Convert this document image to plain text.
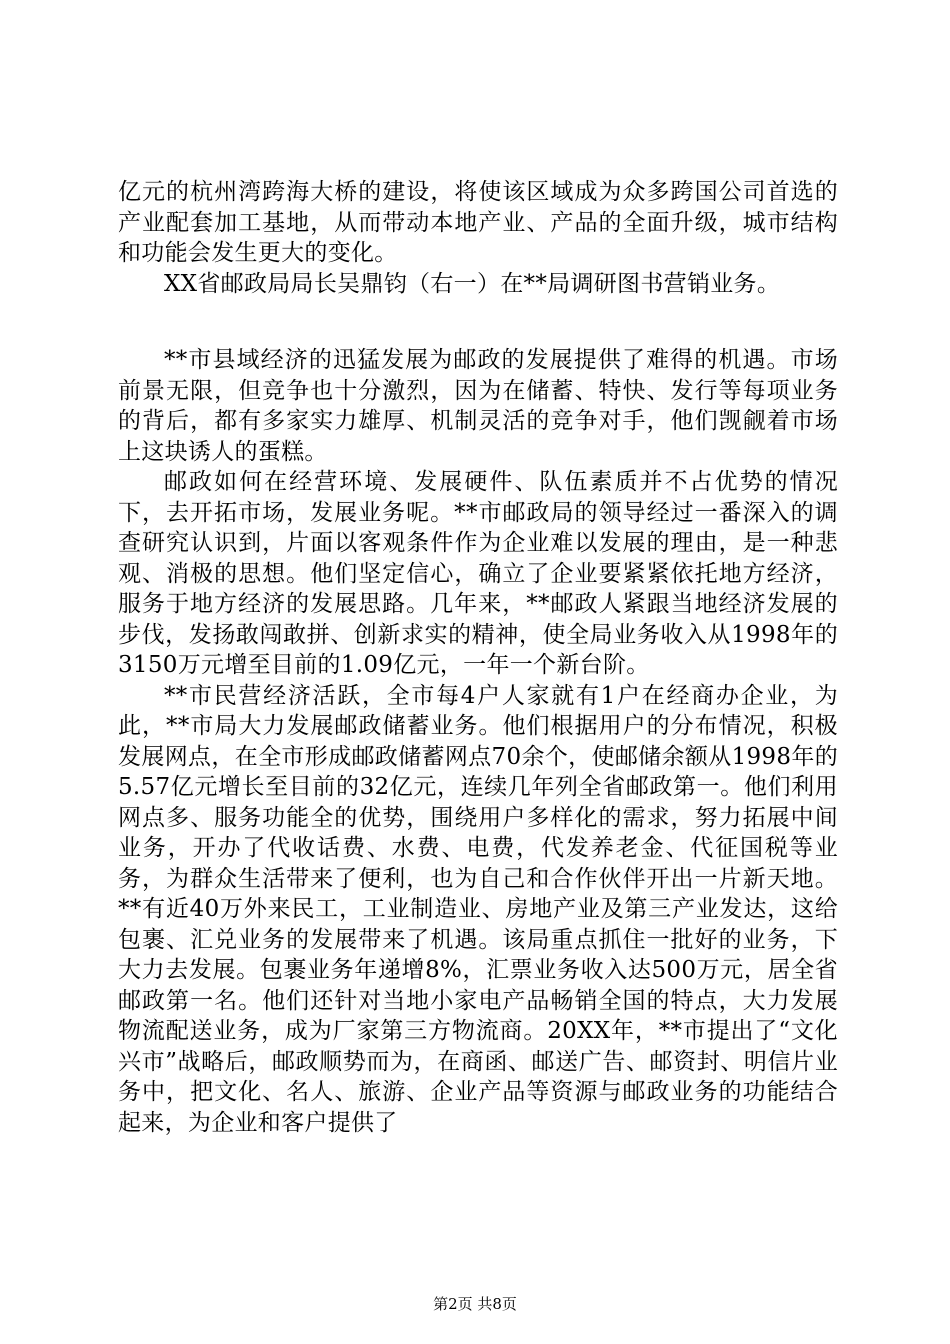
亿元的杭州湾跨海大桥的建设，将使该区域成为众多跨国公司首选的产业配套加工基地，从而带动本地产业、产品的全面升级，城市结构和功能会发生更大的变化。

XX省邮政局局长吴鼎钧（右一）在**局调研图书营销业务。

**市县域经济的迅猛发展为邮政的发展提供了难得的机遇。市场前景无限，但竞争也十分激烈，因为在储蓄、特快、发行等每项业务的背后，都有多家实力雄厚、机制灵活的竞争对手，他们觊觎着市场上这块诱人的蛋糕。

邮政如何在经营环境、发展硬件、队伍素质并不占优势的情况下，去开拓市场，发展业务呢。**市邮政局的领导经过一番深入的调查研究认识到，片面以客观条件作为企业难以发展的理由，是一种悲观、消极的思想。他们坚定信心，确立了企业要紧紧依托地方经济，服务于地方经济的发展思路。几年来，**邮政人紧跟当地经济发展的步伐，发扬敢闯敢拼、创新求实的精神，使全局业务收入从1998年的3150万元增至目前的1.09亿元，一年一个新台阶。

**市民营经济活跃，全市每4户人家就有1户在经商办企业，为此，**市局大力发展邮政储蓄业务。他们根据用户的分布情况，积极发展网点，在全市形成邮政储蓄网点70余个，使邮储余额从1998年的5.57亿元增长至目前的32亿元，连续几年列全省邮政第一。他们利用网点多、服务功能全的优势，围绕用户多样化的需求，努力拓展中间业务，开办了代收话费、水费、电费，代发养老金、代征国税等业务，为群众生活带来了便利，也为自己和合作伙伴开出一片新天地。**有近40万外来民工，工业制造业、房地产业及第三产业发达，这给包裹、汇兑业务的发展带来了机遇。该局重点抓住一批好的业务，下大力去发展。包裹业务年递增8%，汇票业务收入达500万元，居全省邮政第一名。他们还针对当地小家电产品畅销全国的特点，大力发展物流配送业务，成为厂家第三方物流商。20XX年，**市提出了“文化兴市”战略后，邮政顺势而为，在商函、邮送广告、邮资封、明信片业务中，把文化、名人、旅游、企业产品等资源与邮政业务的功能结合起来，为企业和客户提供了

第2页 共8页
